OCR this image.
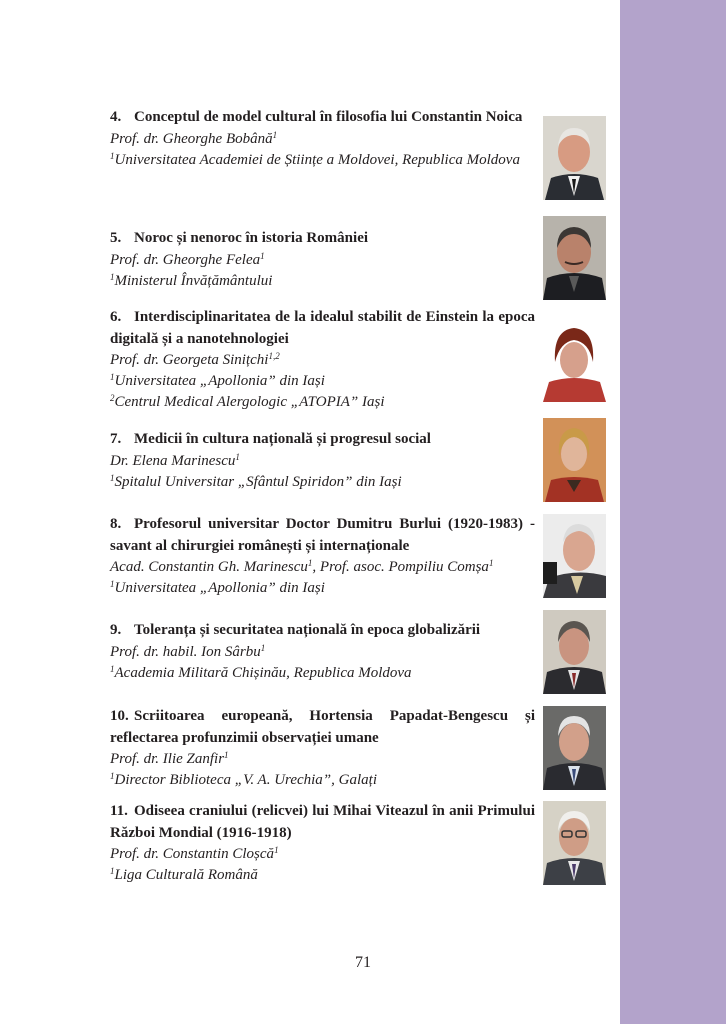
4. Conceptul de model cultural în filosofia lui Constantin Noica
Prof. dr. Gheorghe Bobână$^1$
$^1$Universitatea Academiei de Științe a Moldovei, Republica Moldova
5. Noroc și nenoroc în istoria României
Prof. dr. Gheorghe Felea$^1$
$^1$Ministerul Învățământului
6. Interdisciplinaritatea de la idealul stabilit de Einstein la epoca digitală și a nanotehnologiei
Prof. dr. Georgeta Sinițchi$^{1,2}$
$^1$Universitatea „Apollonia” din Iași
$^2$Centrul Medical Alergologic „ATOPIA” Iași
7. Medicii în cultura națională și progresul social
Dr. Elena Marinescu$^1$
$^1$Spitalul Universitar „Sfântul Spiridon” din Iași
8. Profesorul universitar Doctor Dumitru Burlui (1920-1983) -savant al chirurgiei românești și internaționale
Acad. Constantin Gh. Marinescu$^1$, Prof. asoc. Pompiliu Comșa$^1$
$^1$Universitatea „Apollonia” din Iași
9. Toleranța și securitatea națională în epoca globalizării
Prof. dr. habil. Ion Sârbu$^1$
$^1$Academia Militară Chișinău, Republica Moldova
10. Scriitoarea europeană, Hortensia Papadat-Bengescu și reflectarea profunzimii observației umane
Prof. dr. Ilie Zanfir$^1$
$^1$Director Biblioteca „V. A. Urechia”, Galați
11. Odiseea craniului (relicvei) lui Mihai Viteazul în anii Primului Război Mondial (1916-1918)
Prof. dr. Constantin Cloșcă$^1$
$^1$Liga Culturală Română
71
